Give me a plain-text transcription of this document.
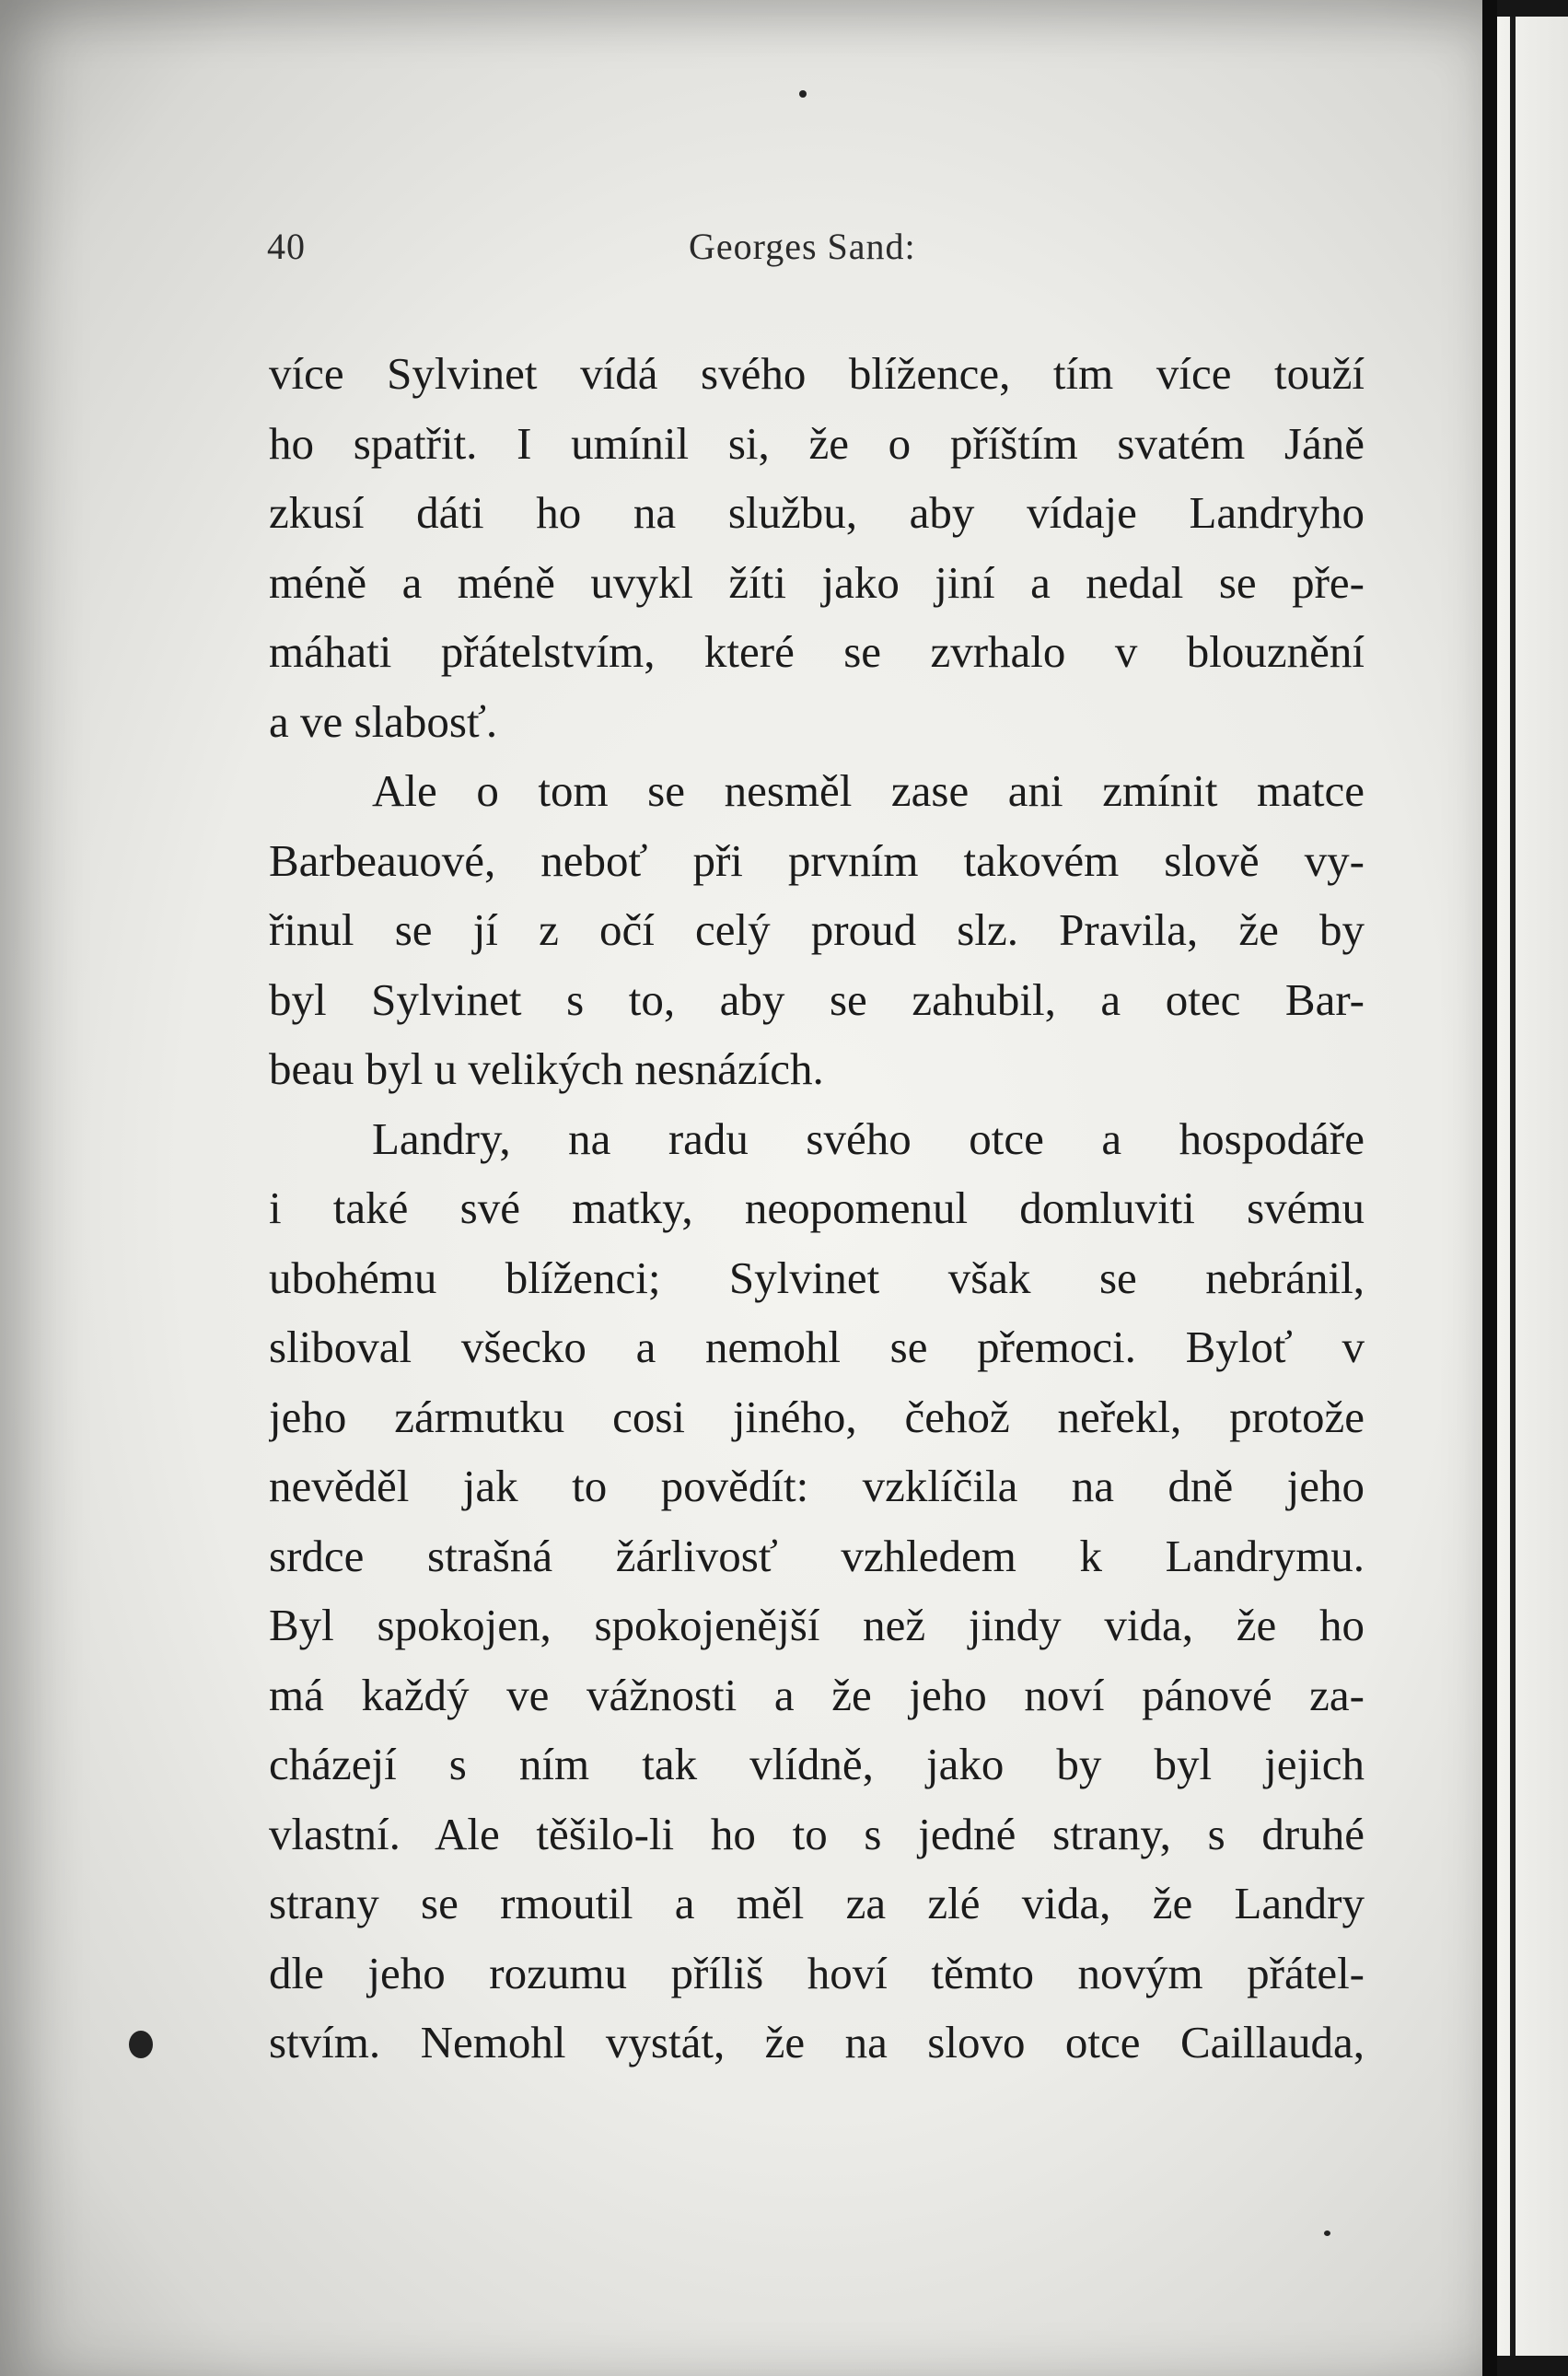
40	Georges Sand:
více Sylvinet vídá svého blížence, tím více touží
ho spatřit. I umínil si, že o příštím svatém Jáně
zkusí dáti ho na službu, aby vídaje Landryho
méně a méně uvykl žíti jako jiní a nedal se pře-
máhati přátelstvím, které se zvrhalo v blouznění
a ve slabosť.
Ale o tom se nesměl zase ani zmínit matce
Barbeauové, neboť při prvním takovém slově vy-
řinul se jí z očí celý proud slz. Pravila, že by
byl Sylvinet s to, aby se zahubil, a otec Bar-
beau byl u velikých nesnázích.
Landry, na radu svého otce a hospodáře
i také své matky, neopomenul domluviti svému
ubohému blíženci; Sylvinet však se nebránil,
sliboval všecko a nemohl se přemoci. Byloť v
jeho zármutku cosi jiného, čehož neřekl, protože
nevěděl jak to povědít: vzklíčila na dně jeho
srdce strašná žárlivosť vzhledem k Landrymu.
Byl spokojen, spokojenější než jindy vida, že ho
má každý ve vážnosti a že jeho noví pánové za-
cházejí s ním tak vlídně, jako by byl jejich
vlastní. Ale těšilo-li ho to s jedné strany, s druhé
strany se rmoutil a měl za zlé vida, že Landry
dle jeho rozumu příliš hoví těmto novým přátel-
stvím. Nemohl vystát, že na slovo otce Caillauda,
